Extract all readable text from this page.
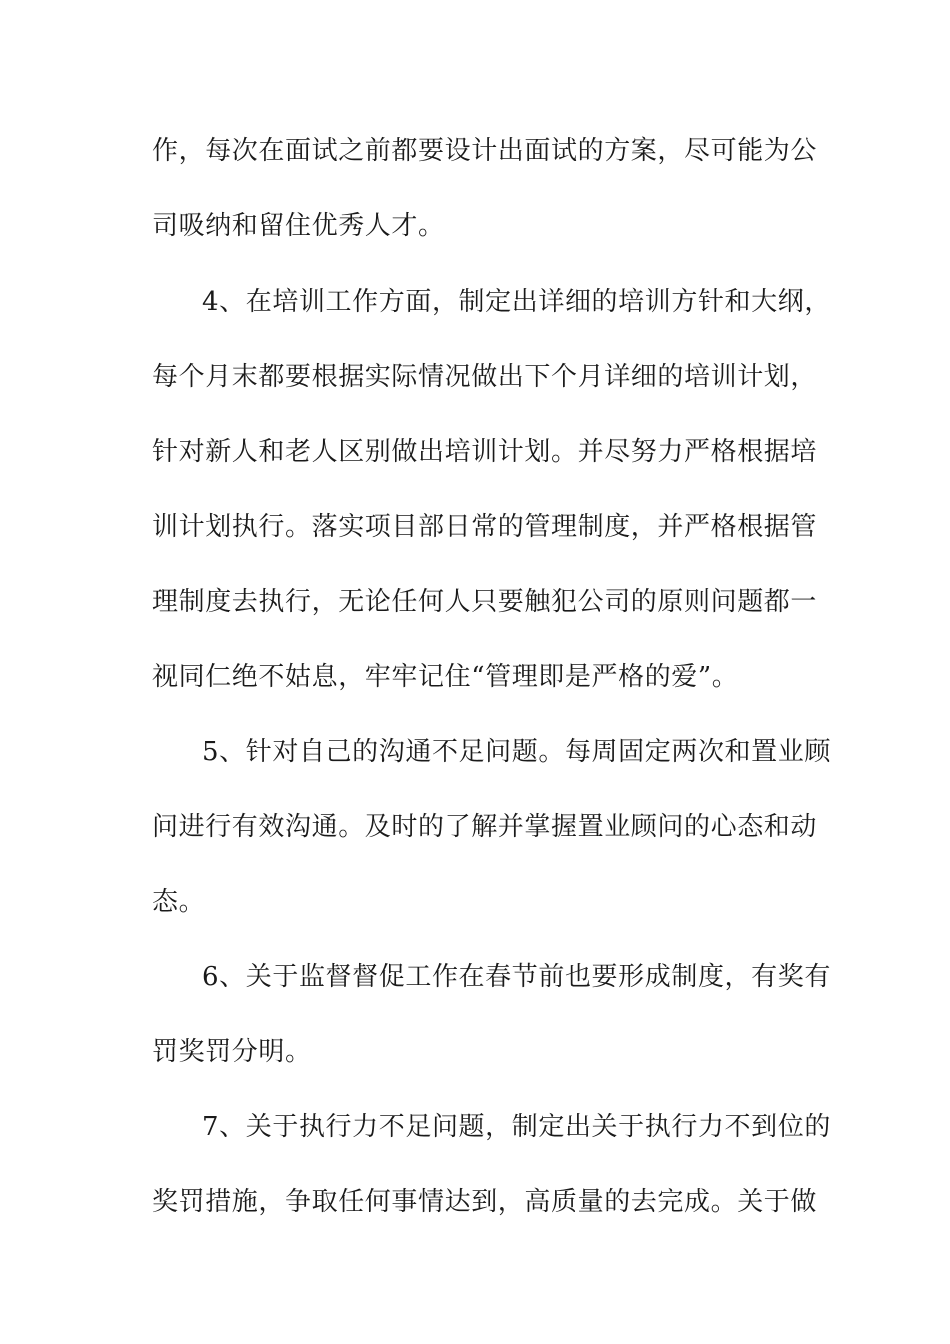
作，每次在面试之前都要设计出面试的方案，尽可能为公
司吸纳和留住优秀人才。
4、在培训工作方面，制定出详细的培训方针和大纲，
每个月末都要根据实际情况做出下个月详细的培训计划，
针对新人和老人区别做出培训计划。并尽努力严格根据培
训计划执行。落实项目部日常的管理制度，并严格根据管
理制度去执行，无论任何人只要触犯公司的原则问题都一
视同仁绝不姑息，牢牢记住“管理即是严格的爱”。
5、针对自己的沟通不足问题。每周固定两次和置业顾
问进行有效沟通。及时的了解并掌握置业顾问的心态和动
态。
6、关于监督督促工作在春节前也要形成制度，有奖有
罚奖罚分明。
7、关于执行力不足问题，制定出关于执行力不到位的
奖罚措施，争取任何事情达到，高质量的去完成。关于做
